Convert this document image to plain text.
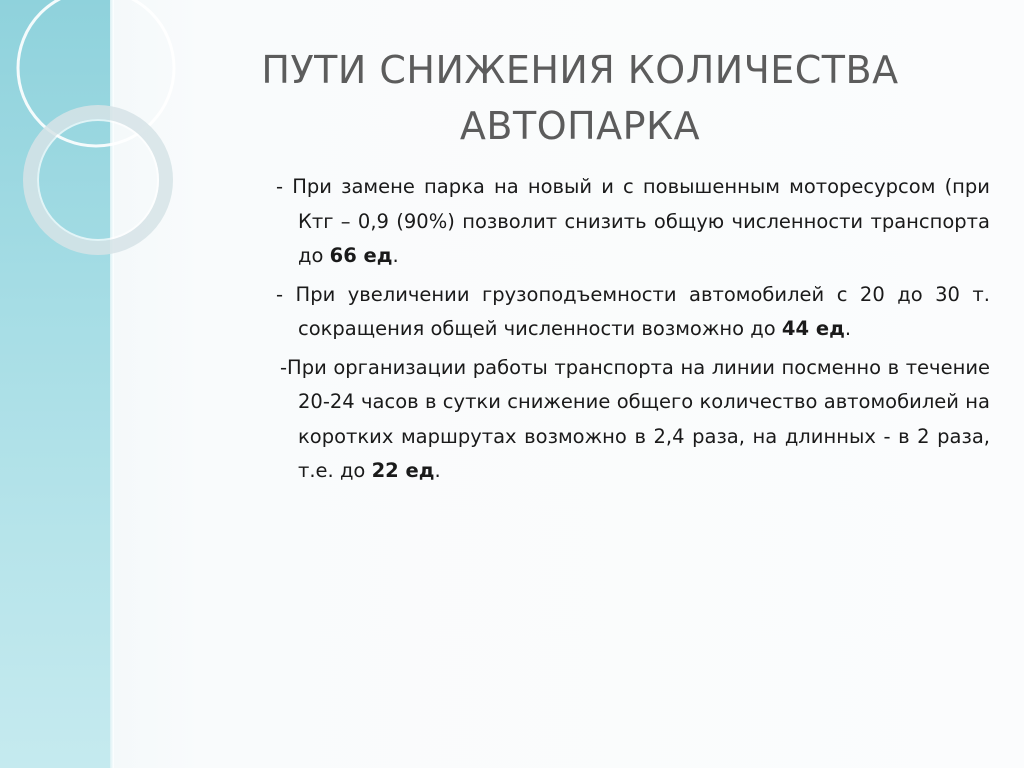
ПУТИ СНИЖЕНИЯ КОЛИЧЕСТВА
АВТОПАРКА

- При замене парка на новый и с повышенным моторесурсом (при Ктг – 0,9 (90%) позволит снизить общую численности транспорта до 66 ед.

- При увеличении грузоподъемности автомобилей с 20 до 30 т. сокращения общей численности возможно до 44 ед.

-При организации работы транспорта на линии посменно в течение 20-24 часов в сутки снижение общего количество автомобилей на коротких маршрутах возможно в 2,4 раза, на длинных - в 2 раза, т.е. до 22 ед.
